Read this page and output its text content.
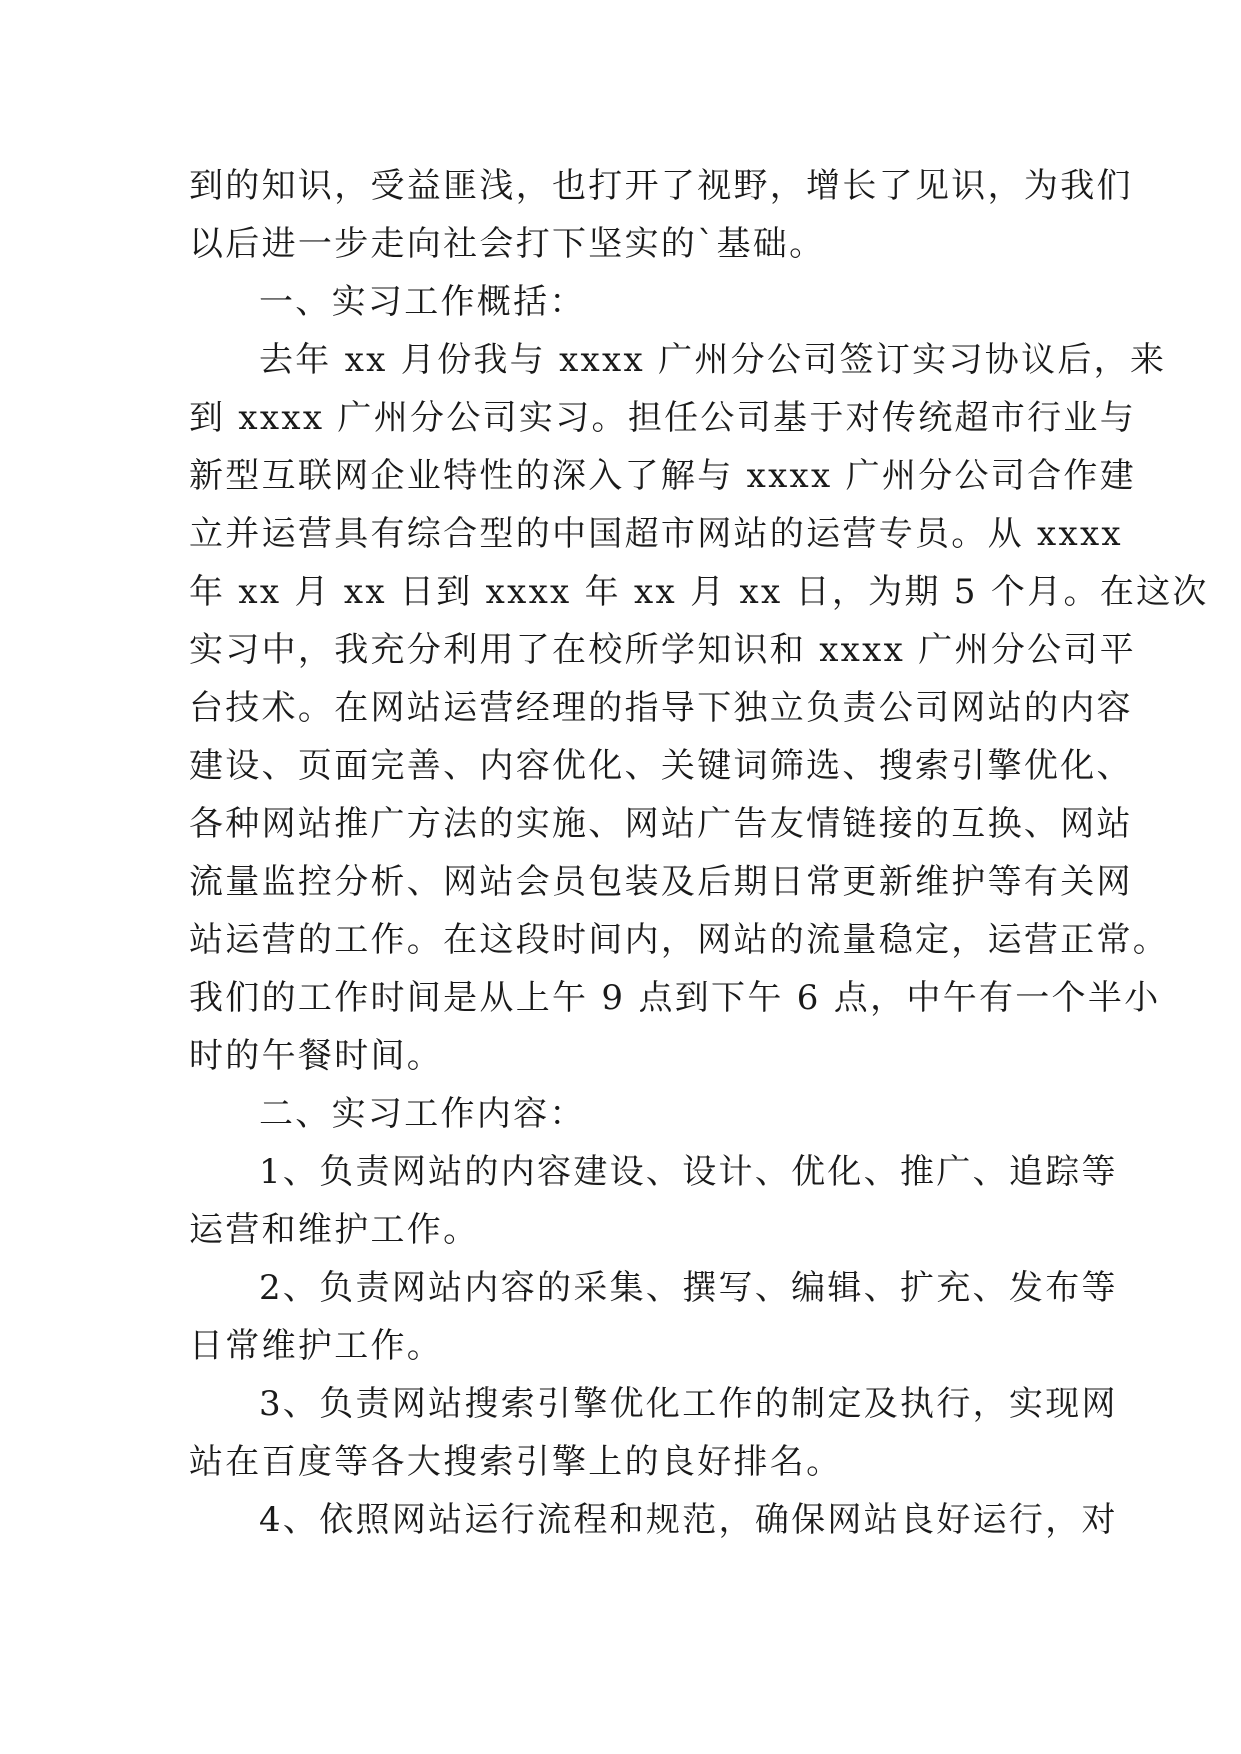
到的知识，受益匪浅，也打开了视野，增长了见识，为我们
以后进一步走向社会打下坚实的`基础。
一、实习工作概括：
去年 xx 月份我与 xxxx 广州分公司签订实习协议后，来
到 xxxx 广州分公司实习。担任公司基于对传统超市行业与
新型互联网企业特性的深入了解与 xxxx 广州分公司合作建
立并运营具有综合型的中国超市网站的运营专员。从 xxxx
年 xx 月 xx 日到 xxxx 年 xx 月 xx 日，为期 5 个月。在这次
实习中，我充分利用了在校所学知识和 xxxx 广州分公司平
台技术。在网站运营经理的指导下独立负责公司网站的内容
建设、页面完善、内容优化、关键词筛选、搜索引擎优化、
各种网站推广方法的实施、网站广告友情链接的互换、网站
流量监控分析、网站会员包装及后期日常更新维护等有关网
站运营的工作。在这段时间内，网站的流量稳定，运营正常。
我们的工作时间是从上午 9 点到下午 6 点，中午有一个半小
时的午餐时间。
二、实习工作内容：
1、负责网站的内容建设、设计、优化、推广、追踪等
运营和维护工作。
2、负责网站内容的采集、撰写、编辑、扩充、发布等
日常维护工作。
3、负责网站搜索引擎优化工作的制定及执行，实现网
站在百度等各大搜索引擎上的良好排名。
4、依照网站运行流程和规范，确保网站良好运行，对
